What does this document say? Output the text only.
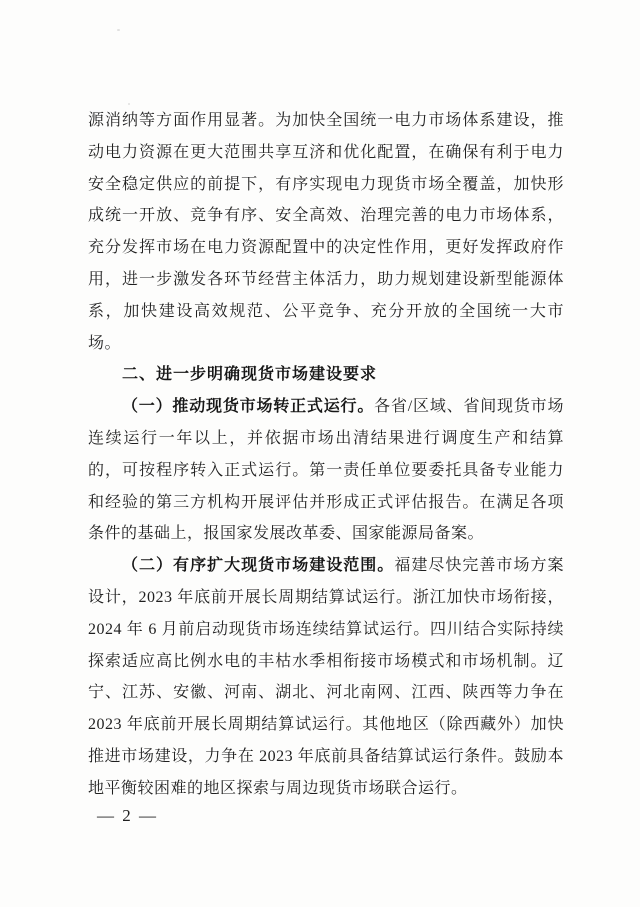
源消纳等方面作用显著。为加快全国统一电力市场体系建设，推
动电力资源在更大范围共享互济和优化配置，在确保有利于电力
安全稳定供应的前提下，有序实现电力现货市场全覆盖，加快形
成统一开放、竞争有序、安全高效、治理完善的电力市场体系，
充分发挥市场在电力资源配置中的决定性作用，更好发挥政府作
用，进一步激发各环节经营主体活力，助力规划建设新型能源体
系，加快建设高效规范、公平竞争、充分开放的全国统一大市
场。
二、进一步明确现货市场建设要求
（一）推动现货市场转正式运行。各省/区域、省间现货市场
连续运行一年以上，并依据市场出清结果进行调度生产和结算
的，可按程序转入正式运行。第一责任单位要委托具备专业能力
和经验的第三方机构开展评估并形成正式评估报告。在满足各项
条件的基础上，报国家发展改革委、国家能源局备案。
（二）有序扩大现货市场建设范围。福建尽快完善市场方案
设计，2023 年底前开展长周期结算试运行。浙江加快市场衔接，
2024 年 6 月前启动现货市场连续结算试运行。四川结合实际持续
探索适应高比例水电的丰枯水季相衔接市场模式和市场机制。辽
宁、江苏、安徽、河南、湖北、河北南网、江西、陕西等力争在
2023 年底前开展长周期结算试运行。其他地区（除西藏外）加快
推进市场建设，力争在 2023 年底前具备结算试运行条件。鼓励本
地平衡较困难的地区探索与周边现货市场联合运行。
— 2 —
